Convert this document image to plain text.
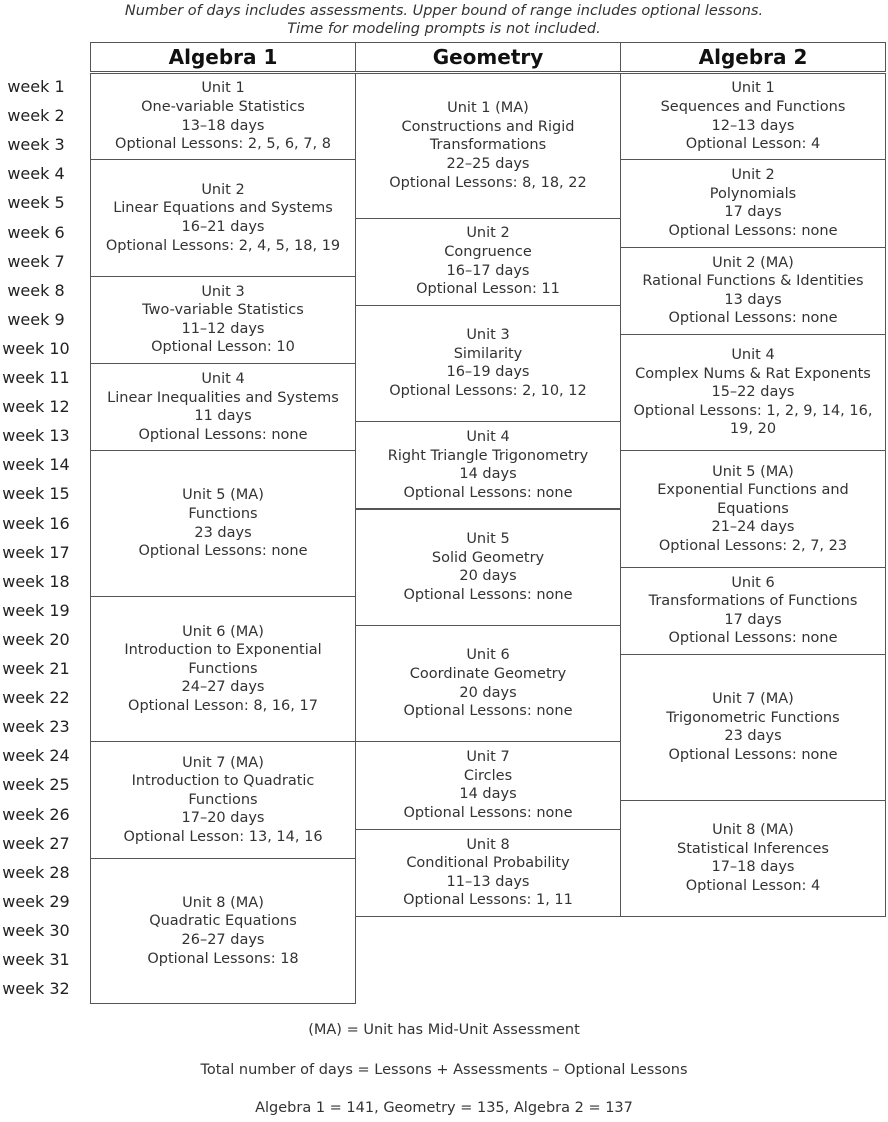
Number of days includes assessments. Upper bound of range includes optional lessons.
Time for modeling prompts is not included.
Algebra 1	Geometry	Algebra 2
week 1
week 2
week 3
week 4
week 5
week 6
week 7
week 8
week 9
week 10
week 11
week 12
week 13
week 14
week 15
week 16
week 17
week 18
week 19
week 20
week 21
week 22
week 23
week 24
week 25
week 26
week 27
week 28
week 29
week 30
week 31
week 32
Unit 1
One-variable Statistics
13–18 days
Optional Lessons: 2, 5, 6, 7, 8
Unit 2
Linear Equations and Systems
16–21 days
Optional Lessons: 2, 4, 5, 18, 19
Unit 3
Two-variable Statistics
11–12 days
Optional Lesson: 10
Unit 4
Linear Inequalities and Systems
11 days
Optional Lessons: none
Unit 5 (MA)
Functions
23 days
Optional Lessons: none
Unit 6 (MA)
Introduction to Exponential
Functions
24–27 days
Optional Lesson: 8, 16, 17
Unit 7 (MA)
Introduction to Quadratic
Functions
17–20 days
Optional Lesson: 13, 14, 16
Unit 8 (MA)
Quadratic Equations
26–27 days
Optional Lessons: 18
Unit 1 (MA)
Constructions and Rigid
Transformations
22–25 days
Optional Lessons: 8, 18, 22
Unit 2
Congruence
16–17 days
Optional Lesson: 11
Unit 3
Similarity
16–19 days
Optional Lessons: 2, 10, 12
Unit 4
Right Triangle Trigonometry
14 days
Optional Lessons: none
Unit 5
Solid Geometry
20 days
Optional Lessons: none
Unit 6
Coordinate Geometry
20 days
Optional Lessons: none
Unit 7
Circles
14 days
Optional Lessons: none
Unit 8
Conditional Probability
11–13 days
Optional Lessons: 1, 11
Unit 1
Sequences and Functions
12–13 days
Optional Lesson: 4
Unit 2
Polynomials
17 days
Optional Lessons: none
Unit 2 (MA)
Rational Functions & Identities
13 days
Optional Lessons: none
Unit 4
Complex Nums & Rat Exponents
15–22 days
Optional Lessons: 1, 2, 9, 14, 16,
19, 20
Unit 5 (MA)
Exponential Functions and
Equations
21–24 days
Optional Lessons: 2, 7, 23
Unit 6
Transformations of Functions
17 days
Optional Lessons: none
Unit 7 (MA)
Trigonometric Functions
23 days
Optional Lessons: none
Unit 8 (MA)
Statistical Inferences
17–18 days
Optional Lesson: 4
(MA) = Unit has Mid-Unit Assessment
Total number of days = Lessons + Assessments – Optional Lessons
Algebra 1 = 141, Geometry = 135, Algebra 2 = 137
